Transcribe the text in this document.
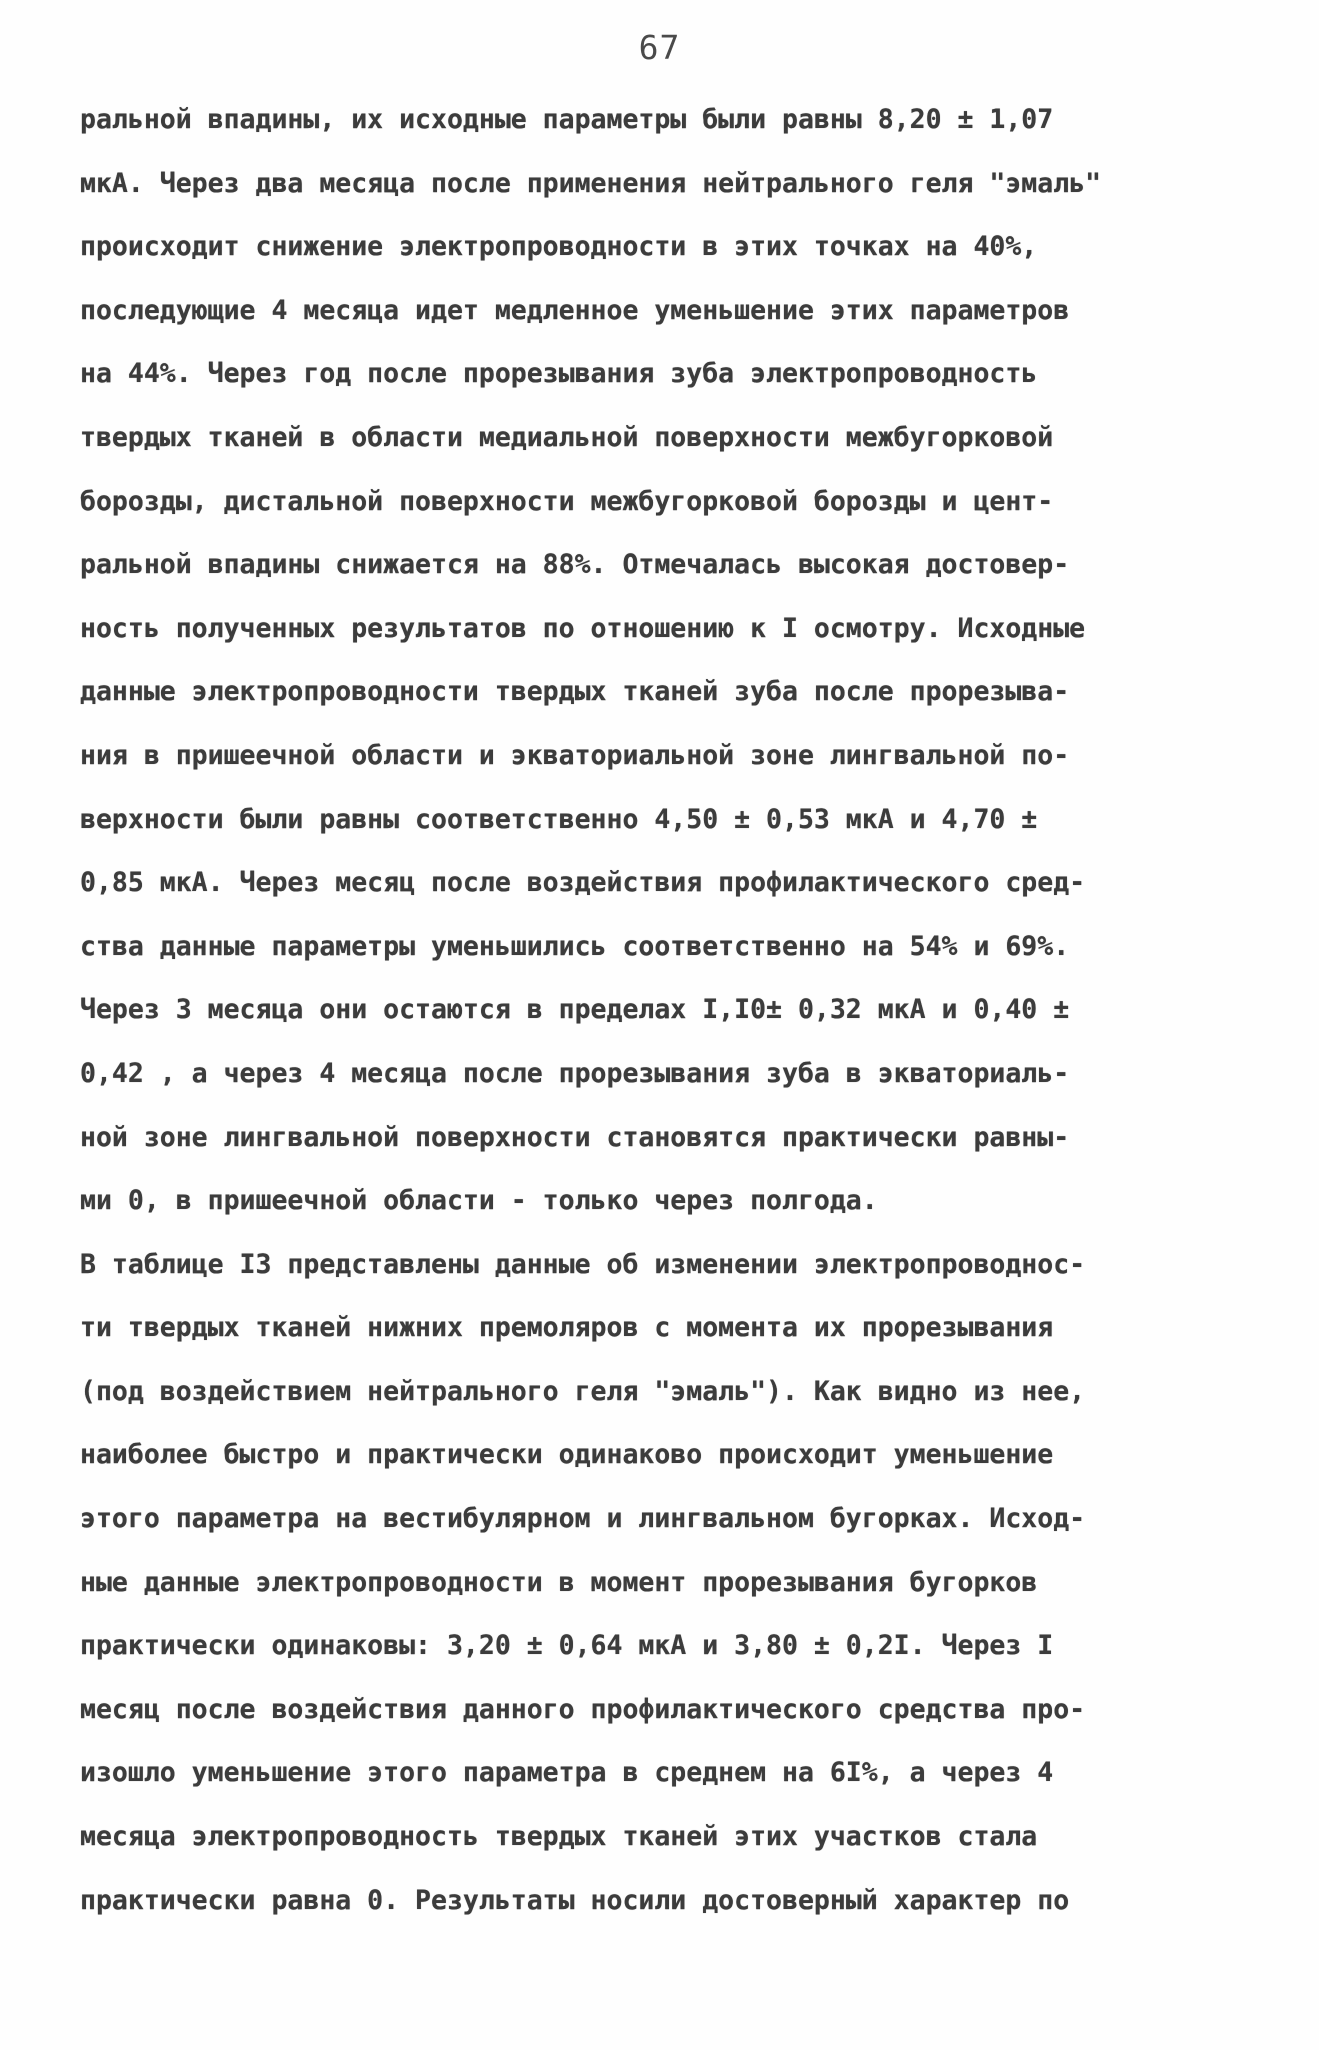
67
ральной впадины, их исходные параметры были равны 8,20 ± 1,07
мкА. Через два месяца после применения нейтрального геля "эмаль"
происходит снижение электропроводности в этих точках на 40%,
последующие 4 месяца идет медленное уменьшение этих параметров
на 44%. Через год после прорезывания зуба электропроводность
твердых тканей в области медиальной поверхности межбугорковой
борозды, дистальной поверхности межбугорковой борозды и цент-
ральной впадины снижается на 88%. Отмечалась высокая достовер-
ность полученных результатов по отношению к I осмотру. Исходные
данные электропроводности твердых тканей зуба после прорезыва-
ния в пришеечной области и экваториальной зоне лингвальной по-
верхности были равны соответственно 4,50 ± 0,53 мкА и 4,70 ±
0,85 мкА. Через месяц после воздействия профилактического сред-
ства данные параметры уменьшились соответственно на 54% и 69%.
Через 3 месяца они остаются в пределах I,I0± 0,32 мкА и 0,40 ±
0,42 , а через 4 месяца после прорезывания зуба в экваториаль-
ной зоне лингвальной поверхности становятся практически равны-
ми 0, в пришеечной области - только через полгода.
В таблице I3 представлены данные об изменении электропроводнос-
ти твердых тканей нижних премоляров с момента их прорезывания
(под воздействием нейтрального геля "эмаль"). Как видно из нее,
наиболее быстро и практически одинаково происходит уменьшение
этого параметра на вестибулярном и лингвальном бугорках. Исход-
ные данные электропроводности в момент прорезывания бугорков
практически одинаковы: 3,20 ± 0,64 мкА и 3,80 ± 0,2I. Через I
месяц после воздействия данного профилактического средства про-
изошло уменьшение этого параметра в среднем на 6I%, а через 4
месяца электропроводность твердых тканей этих участков стала
практически равна 0. Результаты носили достоверный характер по
